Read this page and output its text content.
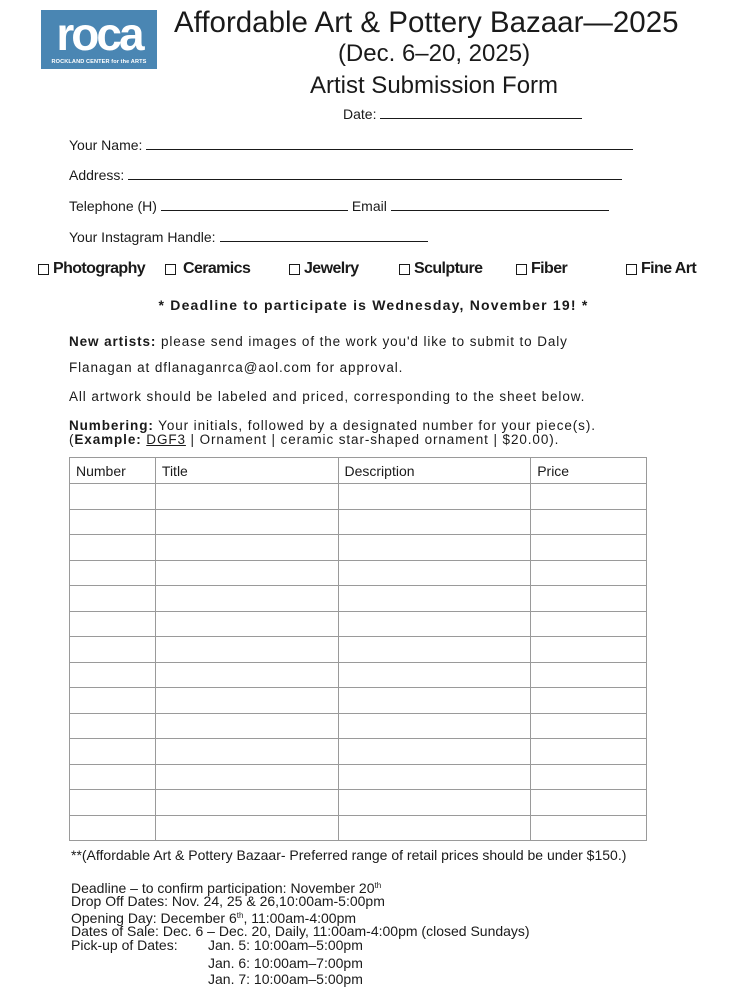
roca
ROCKLAND CENTER for the ARTS
Affordable Art & Pottery Bazaar—2025
(Dec. 6–20, 2025)
Artist Submission Form
Date:
Your Name:
Address:
Telephone (H)	Email
Your Instagram Handle:
Photography Ceramics	Jewelry	Sculpture	Fiber	Fine Art
* Deadline to participate is Wednesday, November 19! *
New artists: please send images of the work you'd like to submit to Daly
Flanagan at dflanaganrca@aol.com for approval.
All artwork should be labeled and priced, corresponding to the sheet below.
Numbering: Your initials, followed by a designated number for your piece(s).
(Example: DGF3 | Ornament | ceramic star-shaped ornament | $20.00).
Number	Title	Description	Price

**(Affordable Art & Pottery Bazaar- Preferred range of retail prices should be under $150.)
Deadline – to confirm participation: November 20th
Drop Off Dates: Nov. 24, 25 & 26,10:00am-5:00pm
Opening Day: December 6th, 11:00am-4:00pm
Dates of Sale: Dec. 6 – Dec. 20, Daily, 11:00am-4:00pm (closed Sundays)
Pick-up of Dates: Jan. 5: 10:00am–5:00pm
Jan. 6: 10:00am–7:00pm
Jan. 7: 10:00am–5:00pm
